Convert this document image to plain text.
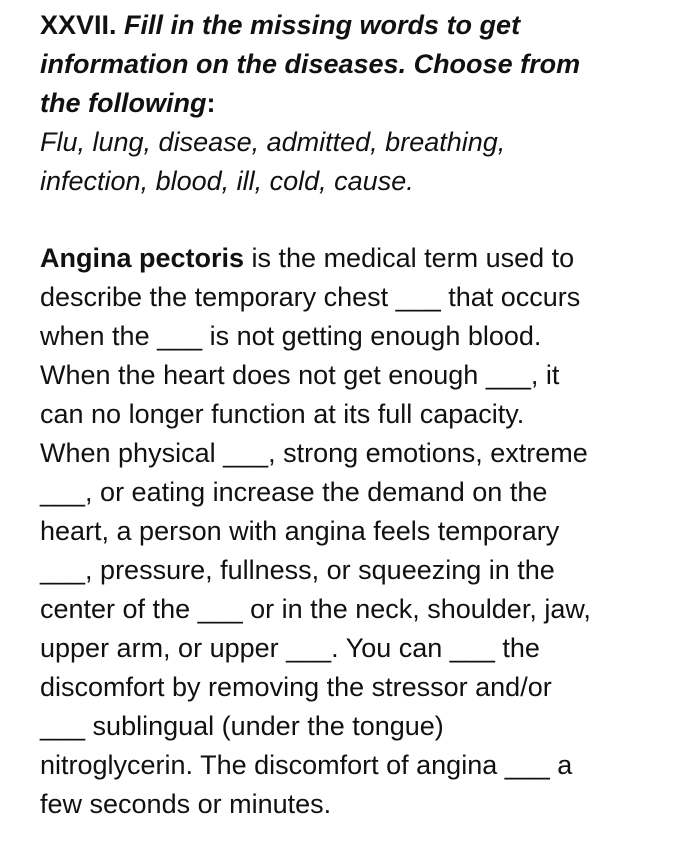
XXVII. Fill in the missing words to get
information on the diseases. Choose from
the following:
Flu, lung, disease, admitted, breathing,
infection, blood, ill, cold, cause.
Angina pectoris is the medical term used to
describe the temporary chest ___ that occurs
when the ___ is not getting enough blood.
When the heart does not get enough ___, it
can no longer function at its full capacity.
When physical ___, strong emotions, extreme
___, or eating increase the demand on the
heart, a person with angina feels temporary
___, pressure, fullness, or squeezing in the
center of the ___ or in the neck, shoulder, jaw,
upper arm, or upper ___. You can ___ the
discomfort by removing the stressor and/or
___ sublingual (under the tongue)
nitroglycerin. The discomfort of angina ___ a
few seconds or minutes.
